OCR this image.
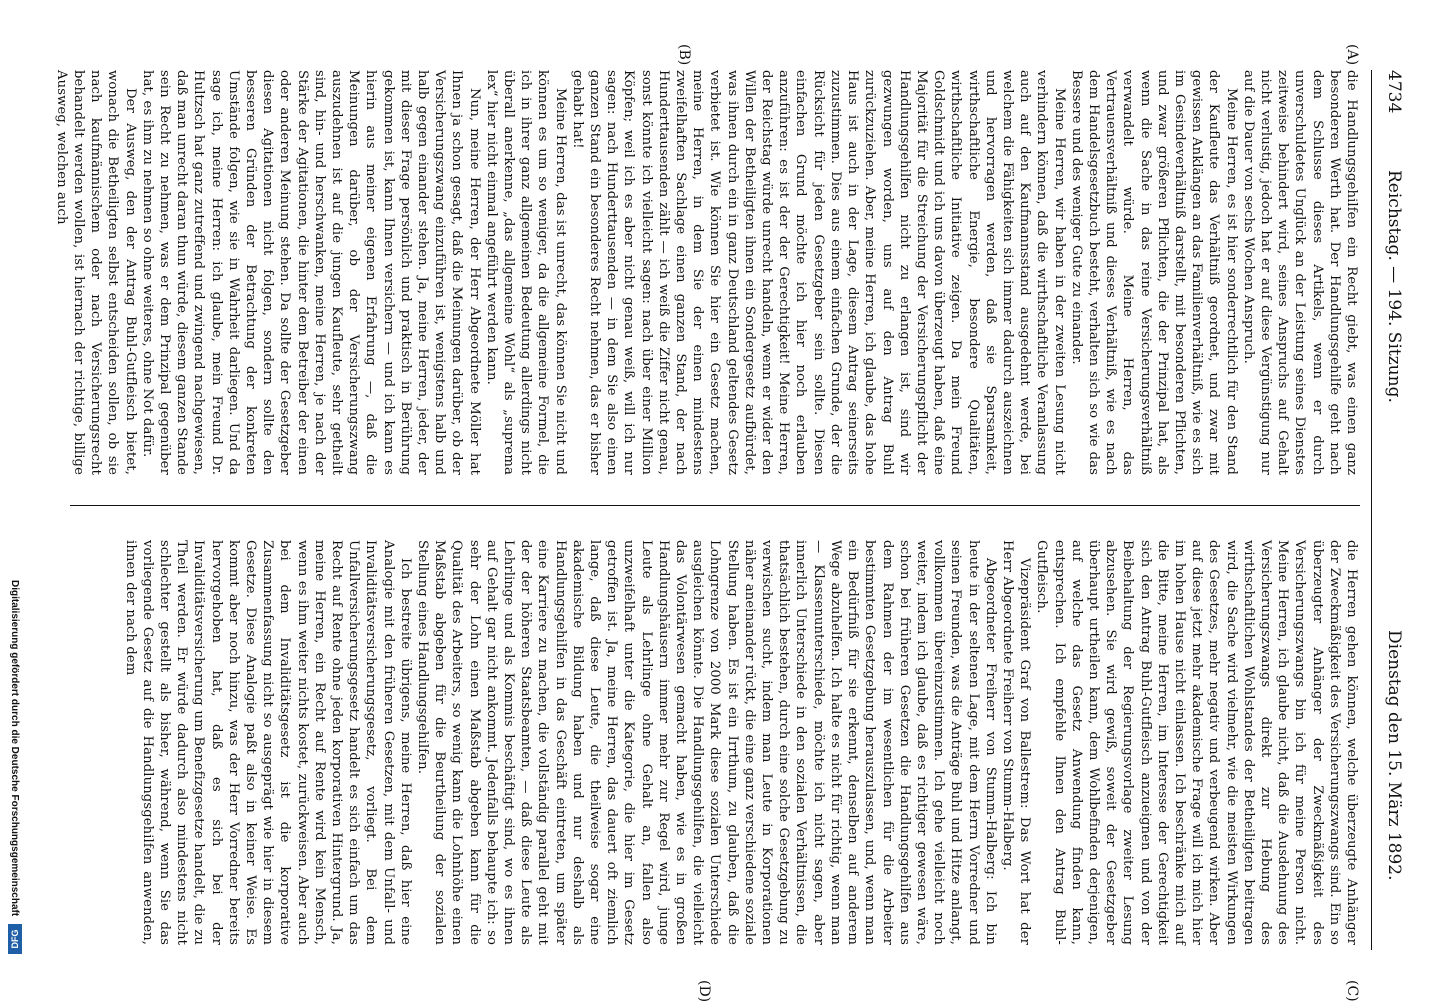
4734
Reichstag. — 194. Sitzung.
Dienstag den 15. März 1892.
(A)
(B)
(C)
(D)

die Handlungsgehilfen ein Recht giebt, was einen ganz besonderen Werth hat. Der Handlungsgehilfe geht nach dem Schlusse dieses Artikels, wenn er durch unverschuldetes Unglück an der Leistung seines Dienstes zeitweise behindert wird, seines Anspruchs auf Gehalt nicht verlustig, jedoch hat er auf diese Vergünstigung nur auf die Dauer von sechs Wochen Anspruch.

Meine Herren, es ist hier sonderrechtlich für den Stand der Kaufleute das Verhältniß geordnet, und zwar mit gewissen Anklängen an das Familienverhältniß, wie es sich im Gesindeverhältniß darstellt, mit besonderen Pflichten, und zwar größeren Pflichten, die der Prinzipal hat, als wenn die Sache in das reine Versicherungsverhältniß verwandelt würde. Meine Herren, das Vertrauensverhältniß und dieses Verhältniß, wie es nach dem Handelsgesetzbuch besteht, verhalten sich so wie das Bessere und des weniger Gute zu einander.

Meine Herren, wir haben in der zweiten Lesung nicht verhindern können, daß die wirthschaftliche Veranlassung auch auf den Kaufmannsstand ausgedehnt werde, bei welchem die Fähigkeiten sich immer dadurch auszeichnen und hervorragen werden, daß sie Sparsamkeit, wirthschaftliche Energie, besondere Qualitäten, wirthschaftliche Initiative zeigen. Da mein Freund Goldschmidt und ich uns davon überzeugt haben, daß eine Majorität für die Streichung der Versicherungspflicht der Handlungsgehilfen nicht zu erlangen ist, sind wir gezwungen worden, uns auf den Antrag Buhl zurückzuziehen. Aber, meine Herren, ich glaube, das hohe Haus ist auch in der Lage, diesem Antrag seinerseits zuzustimmen. Dies aus einem einfachen Grunde, der die Rücksicht für jeden Gesetzgeber sein sollte. Diesen einfachen Grund möchte ich hier noch erlauben anzuführen: es ist der der Gerechtigkeit! Meine Herren, der Reichstag würde unrecht handeln, wenn er wider den Willen der Betheiligten ihnen ein Sondergesetz aufbürdet, was ihnen durch ein in ganz Deutschland geltendes Gesetz verbietet ist. Wie können Sie hier ein Gesetz machen, meine Herren, in dem Sie der einen mindestens zweifelhaften Sachlage einen ganzen Stand, der nach Hunderttausenden zählt — ich weiß die Ziffer nicht genau, sonst könnte ich vielleicht sagen: nach über einer Million Köpfen; weil ich es aber nicht genau weiß, will ich nur sagen: nach Hunderttausenden — in dem Sie also einen ganzen Stand ein besonderes Recht nehmen, das er bisher gehabt hat!

Meine Herren, das ist unrecht, das können Sie nicht und können es um so weniger, da die allgemeine Formel, die ich in ihrer ganz allgemeinen Bedeutung allerdings nicht überall anerkenne, „das allgemeine Wohl“ als „suprema lex“ hier nicht einmal angeführt werden kann.

Nun, meine Herren, der Herr Abgeordnete Möller hat Ihnen ja schon gesagt, daß die Meinungen darüber, ob der Versicherungszwang einzuführen ist, wenigstens halb und halb gegen einander stehen. Ja, meine Herren, jeder, der mit dieser Frage persönlich und praktisch in Berührung gekommen ist, kann Ihnen versichern — und ich kann es hierin aus meiner eigenen Erfahrung —, daß die Meinungen darüber, ob der Versicherungszwang auszudehnen ist auf die jungen Kaufleute, sehr getheilt sind, hin- und herschwanken, meine Herren, je nach der Stärke der Agitationen, die hinter dem Betreiber der einen oder anderen Meinung stehen. Da sollte der Gesetzgeber diesen Agitationen nicht folgen, sondern sollte den besseren Gründen der Betrachtung der konkreten Umstände folgen, wie sie in Wahrheit darliegen. Und da sage ich, meine Herren: ich glaube, mein Freund Dr. Hultzsch hat ganz zutreffend und zwingend nachgewiesen, daß man unrecht daran thun würde, diesem ganzen Stande sein Recht zu nehmen, was er dem Prinzipal gegenüber hat, es ihm zu nehmen so ohne weiteres, ohne Not dafür.

Der Ausweg, den der Antrag Buhl-Gutfleisch bietet, wonach die Betheiligten selbst entscheiden sollen, ob sie nach kaufmännischem oder nach Versicherungsrecht behandelt werden wollen, ist hiernach der richtige, billige Ausweg, welchen auch

die Herren gehen können, welche überzeugte Anhänger der Zweckmäßigkeit des Versicherungszwangs sind. Ein so überzeugter Anhänger der Zweckmäßigkeit des Versicherungszwangs bin ich für meine Person nicht. Meine Herren, ich glaube nicht, daß die Ausdehnung des Versicherungszwangs direkt zur Hebung des wirthschaftlichen Wohlstandes der Betheiligten beitragen wird, die Sache wird vielmehr, wie die meisten Wirkungen des Gesetzes, mehr negativ und verbeugend wirken. Aber auf diese jetzt mehr akademische Frage will ich mich hier im hohen Hause nicht einlassen. Ich beschränke mich auf die Bitte, meine Herren, im Interesse der Gerechtigkeit sich den Antrag Buhl-Gutfleisch anzueignen und von der Beibehaltung der Regierungsvorlage zweiter Lesung abzusehen. Sie wird gewiß, soweit der Gesetzgeber überhaupt urtheilen kann, dem Wohlbefinden derjenigen, auf welche das Gesetz Anwendung finden kann, entsprechen. Ich empfehle Ihnen den Antrag Buhl-Gutfleisch.

Vizepräsident Graf von Ballestrem: Das Wort hat der Herr Abgeordnete Freiherr von Stumm-Halberg.

Abgeordneter Freiherr von Stumm-Halberg: Ich bin heute in der seltenen Lage, mit dem Herrn Vorredner und seinen Freunden, was die Anträge Buhl und Hitze anlangt, vollkommen übereinzustimmen. Ich gehe vielleicht noch weiter, indem ich glaube, daß es richtiger gewesen wäre, schon bei früheren Gesetzen die Handlungsgehilfen aus dem Rahmen der im wesentlichen für die Arbeiter bestimmten Gesetzgebung herauszulassen, und, wenn man ein Bedürfniß für sie erkennt, denselben auf anderem Wege abzuhelfen. Ich halte es nicht für richtig, wenn man — Klassenunterschiede, möchte ich nicht sagen, aber innerlich Unterschiede in den sozialen Verhältnissen, die thatsächlich bestehen, durch eine solche Gesetzgebung zu verwischen sucht, indem man Leute in Korporationen näher aneinander rückt, die eine ganz verschiedene soziale Stellung haben. Es ist ein Irrthum, zu glauben, daß die Lohngrenze von 2000 Mark diese sozialen Unterschiede ausgleichen könnte. Die Handlungsgehilfen, die vielleicht das Volontärwesen gemacht haben, wie es in großen Handlungshäusern immer mehr zur Regel wird, junge Leute als Lehrlinge ohne Gehalt an, fallen also unzweifelhaft unter die Kategorie, die hier im Gesetz getroffen ist. Ja, meine Herren, das dauert oft ziemlich lange, daß diese Leute, die theilweise sogar eine akademische Bildung haben und nur deshalb als Handlungsgehilfen in das Geschäft eintreten, um später eine Karriere zu machen, die vollständig parallel geht mit der der höheren Staatsbeamten, — daß diese Leute als Lehrlinge und als Kommis beschäftigt sind, wo es ihnen auf Gehalt gar nicht ankommt. Jedenfalls behaupte ich: so sehr der Lohn einen Maßstab abgeben kann für die Qualität des Arbeiters, so wenig kann die Lohnhöhe einen Maßstab abgeben für die Beurtheilung der sozialen Stellung eines Handlungsgehilfen.

Ich bestreite übrigens, meine Herren, daß hier eine Analogie mit den früheren Gesetzen, mit dem Unfall- und Invaliditätsversicherungsgesetz, vorliegt. Bei dem Unfallversicherungsgesetz handelt es sich einfach um das Recht auf Rente ohne jeden korporativen Hintergrund. Ja, meine Herren, ein Recht auf Rente wird kein Mensch, wenn es ihm weiter nichts kostet, zurückweisen. Aber auch bei dem Invaliditätsgesetz ist die korporative Zusammenfassung nicht so ausgeprägt wie hier in diesem Gesetze. Diese Analogie paßt also in keiner Weise. Es kommt aber noch hinzu, was der Herr Vorredner bereits hervorgehoben hat, daß es sich bei der Invaliditätsversicherung um Benefizgesetze handelt, die zu Theil werden. Er würde dadurch also mindestens nicht schlechter gestellt als bisher, während, wenn Sie das vorliegende Gesetz auf die Handlungsgehilfen anwenden, ihnen der nach dem

Digitalisierung gefördert durch die Deutsche Forschungsgemeinschaft
DFG
